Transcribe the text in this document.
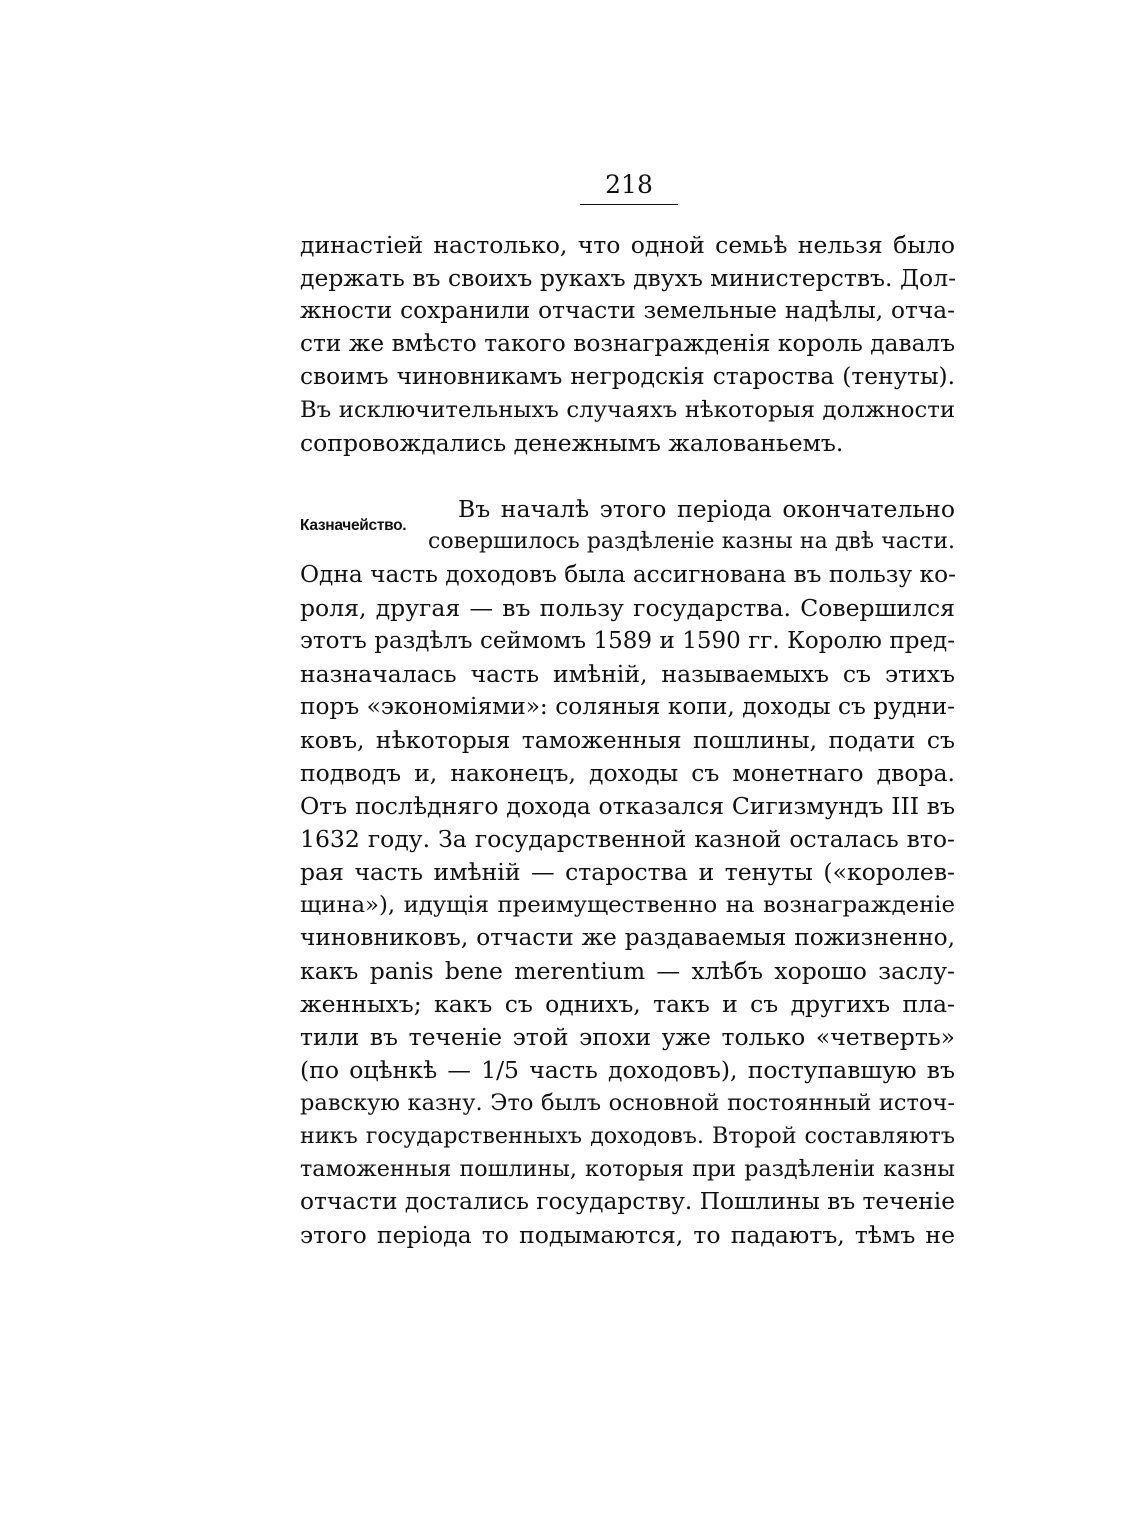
218
династіей настолько, что одной семьѣ нельзя было
держать въ своихъ рукахъ двухъ министерствъ. Дол-
жности сохранили отчасти земельные надѣлы, отча-
сти же вмѣсто такого вознагражденія король давалъ
своимъ чиновникамъ негродскія староства (тенуты).
Въ исключительныхъ случаяхъ нѣкоторыя должности
сопровождались денежнымъ жалованьемъ.
Казначейство.
Въ началѣ этого періода окончательно
совершилось раздѣленіе казны на двѣ части.
Одна часть доходовъ была ассигнована въ пользу ко-
роля, другая — въ пользу государства. Совершился
этотъ раздѣлъ сеймомъ 1589 и 1590 гг. Королю пред-
назначалась часть имѣній, называемыхъ съ этихъ
поръ «экономіями»: соляныя копи, доходы съ рудни-
ковъ, нѣкоторыя таможенныя пошлины, подати съ
подводъ и, наконецъ, доходы съ монетнаго двора.
Отъ послѣдняго дохода отказался Сигизмундъ III въ
1632 году. За государственной казной осталась вто-
рая часть имѣній — староства и тенуты («королев-
щина»), идущія преимущественно на вознагражденіе
чиновниковъ, отчасти же раздаваемыя пожизненно,
какъ panis bene merentium — хлѣбъ хорошо заслу-
женныхъ; какъ съ однихъ, такъ и съ другихъ пла-
тили въ теченіе этой эпохи уже только «четверть»
(по оцѣнкѣ — 1/5 часть доходовъ), поступавшую въ
равскую казну. Это былъ основной постоянный источ-
никъ государственныхъ доходовъ. Второй составляютъ
таможенныя пошлины, которыя при раздѣленіи казны
отчасти достались государству. Пошлины въ теченіе
этого періода то подымаются, то падаютъ, тѣмъ не
